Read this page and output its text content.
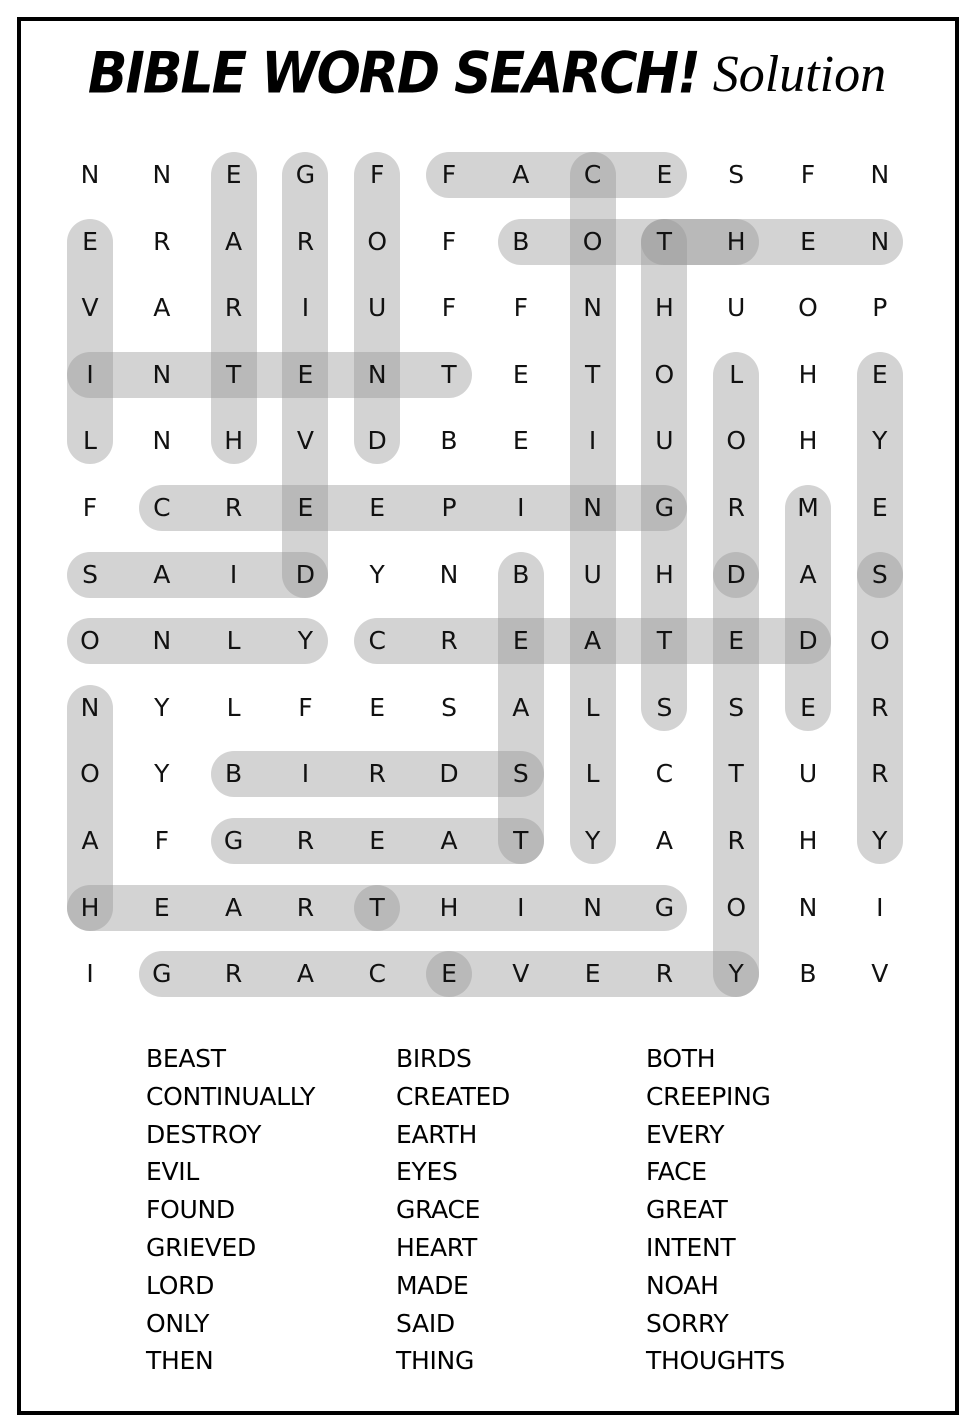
BIBLE WORD SEARCH! Solution
N	N	E	G	F	F	A	C	E	S	F	N
E	R	A	R	O	F	B	O	T	H	E	N
V	A	R	I	U	F	F	N	H	U	O	P
I	N	T	E	N	T	E	T	O	L	H	E
L	N	H	V	D	B	E	I	U	O	H	Y
F	C	R	E	E	P	I	N	G	R	M	E
S	A	I	D	Y	N	B	U	H	D	A	S
O	N	L	Y	C	R	E	A	T	E	D	O
N	Y	L	F	E	S	A	L	S	S	E	R
O	Y	B	I	R	D	S	L	C	T	U	R
A	F	G	R	E	A	T	Y	A	R	H	Y
H	E	A	R	T	H	I	N	G	O	N	I
I	G	R	A	C	E	V	E	R	Y	B	V
BEAST
CONTINUALLY
DESTROY
EVIL
FOUND
GRIEVED
LORD
ONLY
THEN
BIRDS
CREATED
EARTH
EYES
GRACE
HEART
MADE
SAID
THING
BOTH
CREEPING
EVERY
FACE
GREAT
INTENT
NOAH
SORRY
THOUGHTS
